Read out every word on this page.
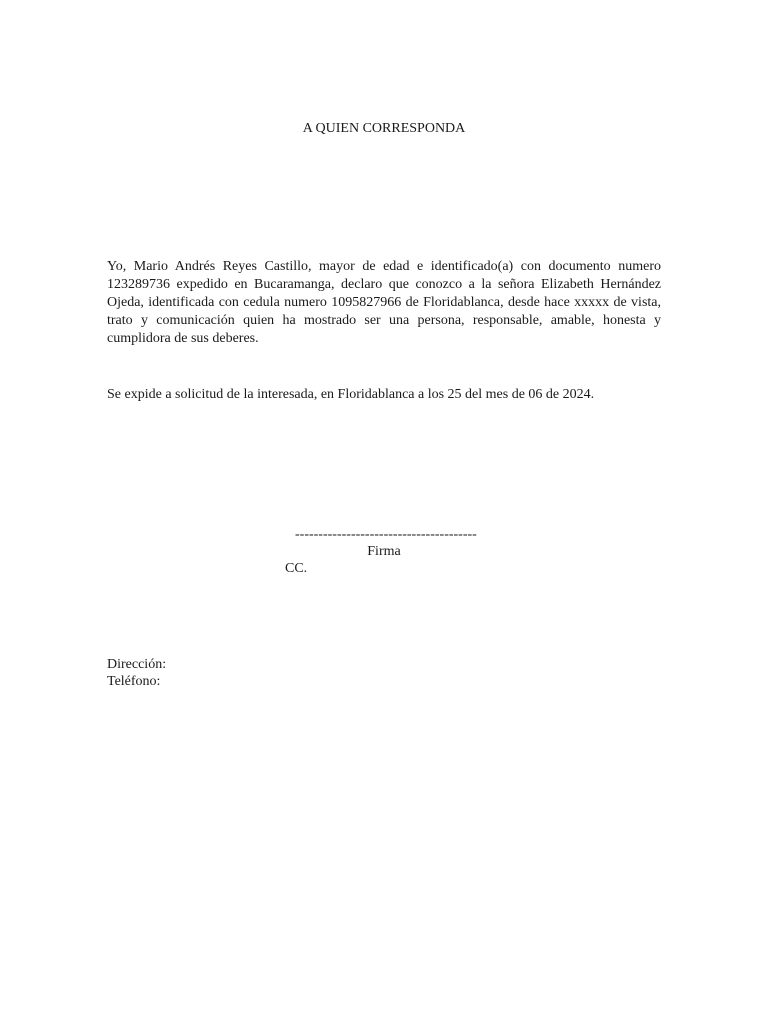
A QUIEN CORRESPONDA

Yo, Mario Andrés Reyes Castillo, mayor de edad e identificado(a) con documento numero 123289736 expedido en Bucaramanga, declaro que conozco a la señora Elizabeth Hernández Ojeda, identificada con cedula numero 1095827966 de Floridablanca, desde hace xxxxx de vista, trato y comunicación quien ha mostrado ser una persona, responsable, amable, honesta y cumplidora de sus deberes.

Se expide a solicitud de la interesada, en Floridablanca a los 25 del mes de 06 de 2024.

---------------------------------------

Firma

CC.

Dirección:
Teléfono:
